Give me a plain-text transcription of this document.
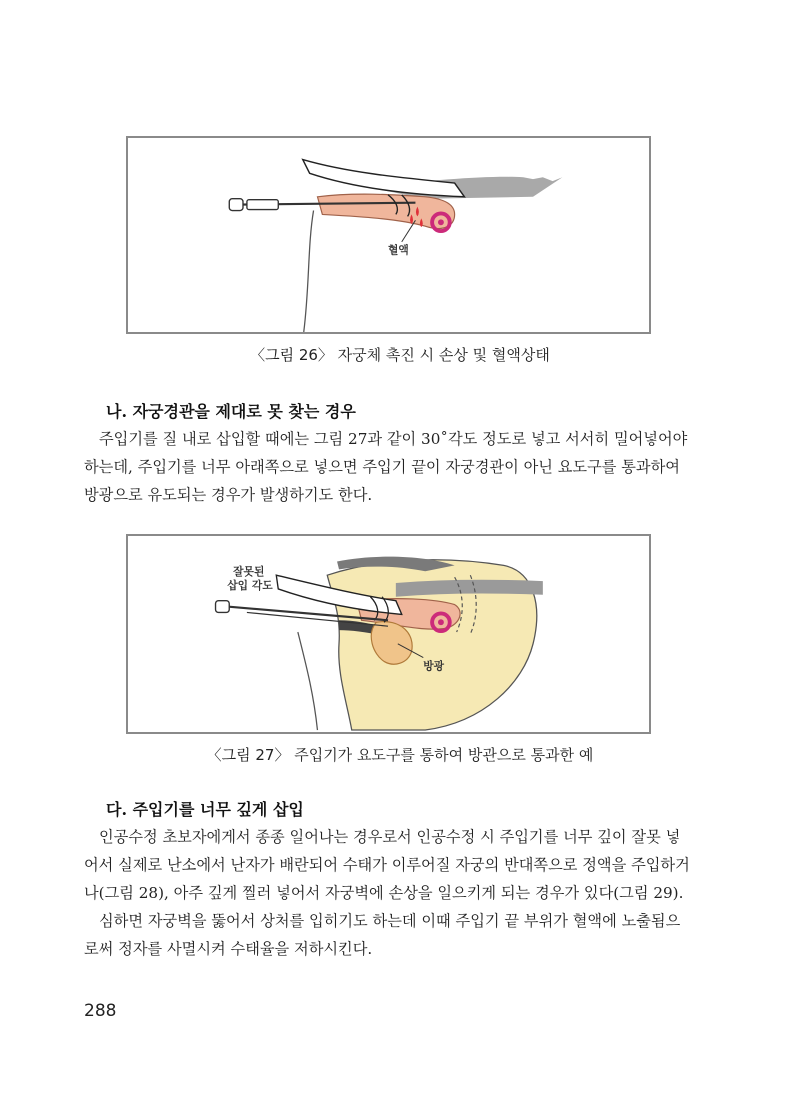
혈액
〈그림 26〉 자궁체 촉진 시 손상 및 혈액상태
나. 자궁경관을 제대로 못 찾는 경우
주입기를 질 내로 삽입할 때에는 그림 27과 같이 30˚각도 정도로 넣고 서서히 밀어넣어야
하는데, 주입기를 너무 아래쪽으로 넣으면 주입기 끝이 자궁경관이 아닌 요도구를 통과하여
방광으로 유도되는 경우가 발생하기도 한다.
잘못된
삽입 각도
방광
〈그림 27〉 주입기가 요도구를 통하여 방관으로 통과한 예
다. 주입기를 너무 깊게 삽입
인공수정 초보자에게서 종종 일어나는 경우로서 인공수정 시 주입기를 너무 깊이 잘못 넣
어서 실제로 난소에서 난자가 배란되어 수태가 이루어질 자궁의 반대쪽으로 정액을 주입하거
나(그림 28), 아주 깊게 찔러 넣어서 자궁벽에 손상을 일으키게 되는 경우가 있다(그림 29).
심하면 자궁벽을 뚫어서 상처를 입히기도 하는데 이때 주입기 끝 부위가 혈액에 노출됨으
로써 정자를 사멸시켜 수태율을 저하시킨다.
288
